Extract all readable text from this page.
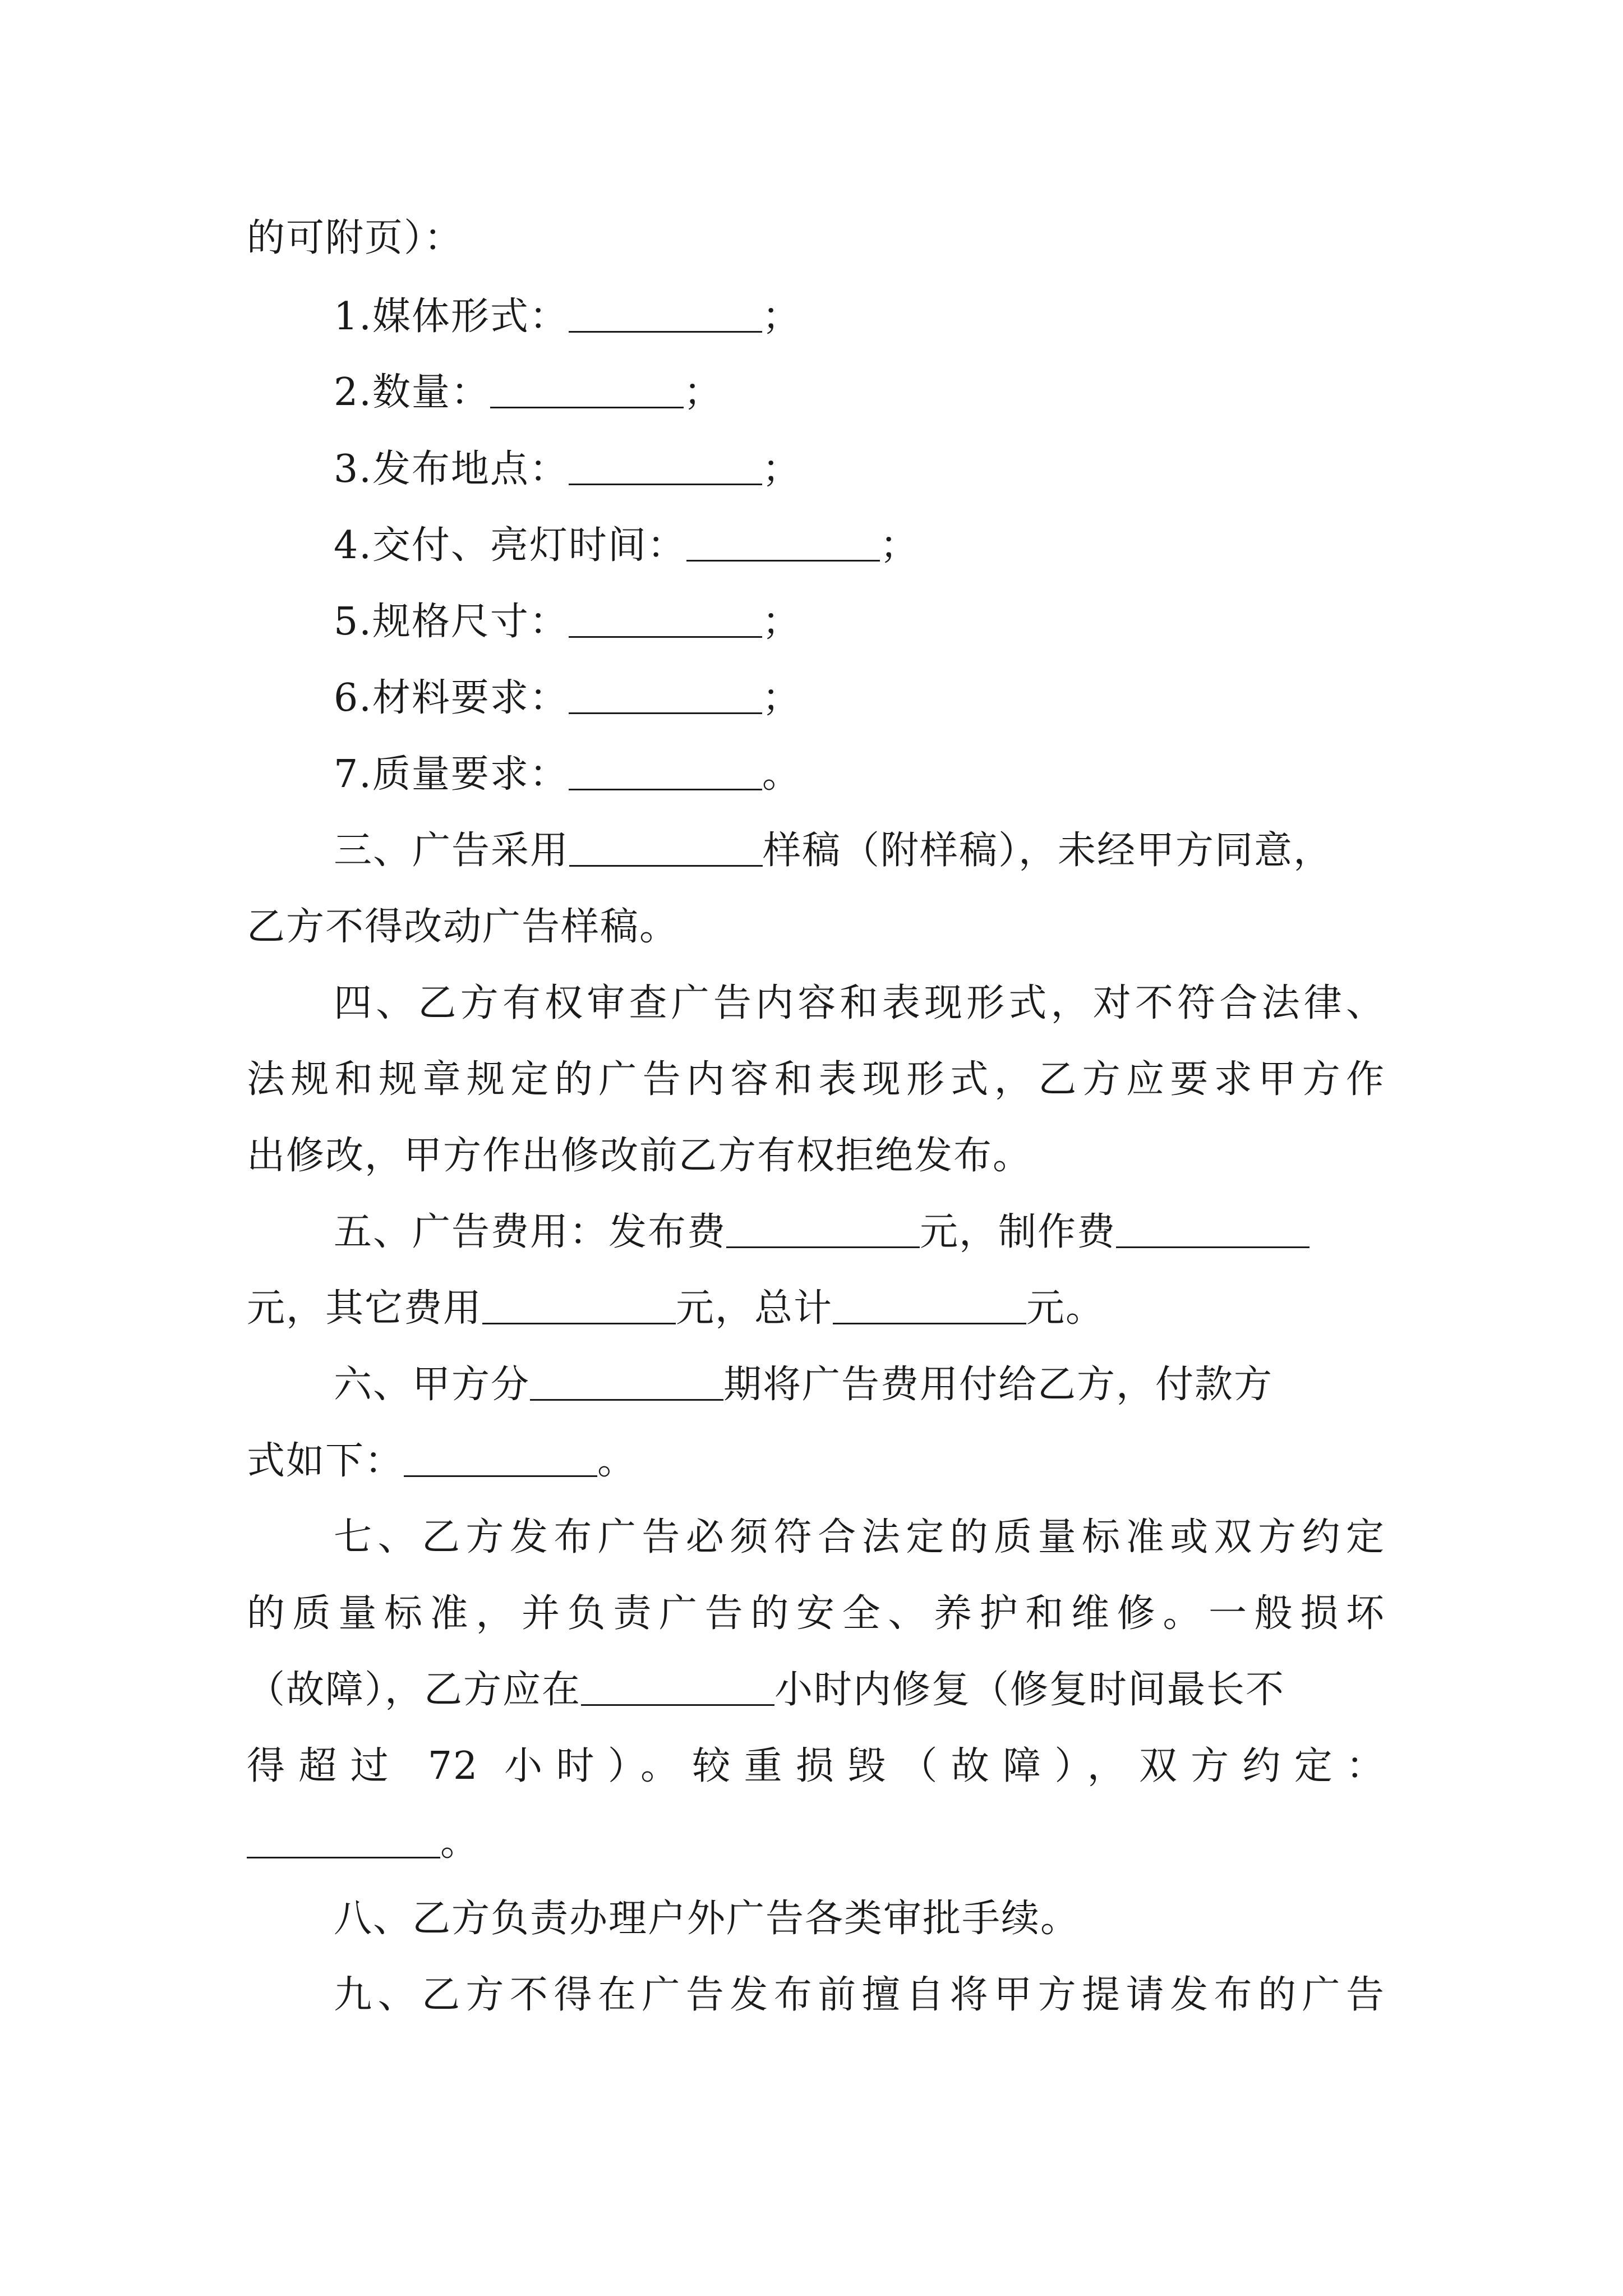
的可附页）：
1.媒体形式：	；
2.数量：	；
3.发布地点：	；
4.交付、亮灯时间：	；
5.规格尺寸：	；
6.材料要求：	；
7.质量要求：	。
三、广告采用	样稿（附样稿），未经甲方同意，
乙方不得改动广告样稿。
四、乙方有权审查广告内容和表现形式，对不符合法律、
法规和规章规定的广告内容和表现形式，乙方应要求甲方作
出修改，甲方作出修改前乙方有权拒绝发布。
五、广告费用：发布费	元，制作费
元，其它费用	元，总计	元。
六、甲方分	期将广告费用付给乙方，付款方
式如下：	。
七、乙方发布广告必须符合法定的质量标准或双方约定
的质量标准，并负责广告的安全、养护和维修。一般损坏
（故障），乙方应在	小时内修复（修复时间最长不
得超过 72 小时）。较重损毁（故障），双方约定：
。
八、乙方负责办理户外广告各类审批手续。
九、乙方不得在广告发布前擅自将甲方提请发布的广告
